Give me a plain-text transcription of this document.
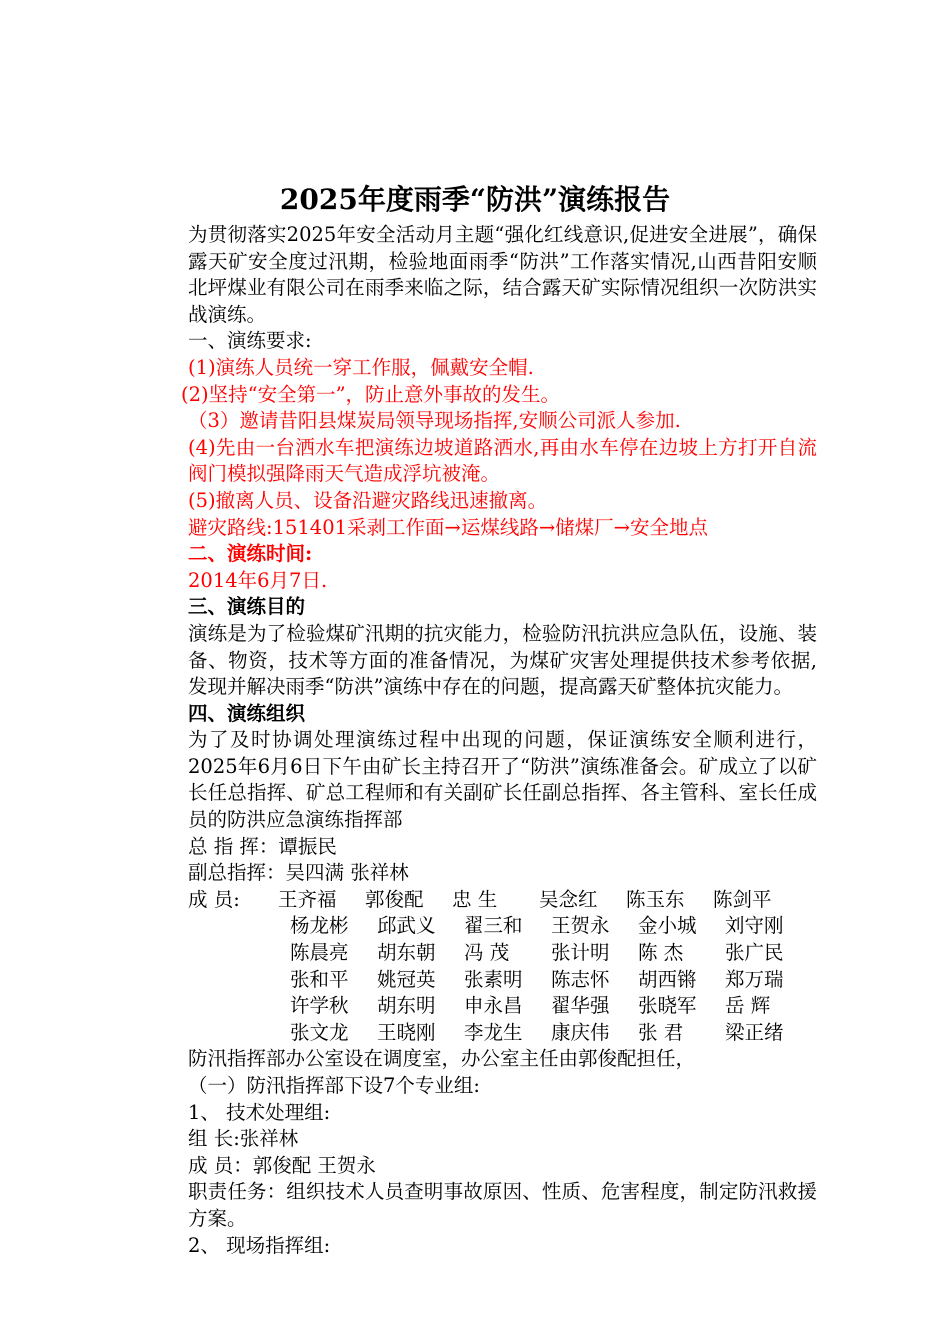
2025年度雨季“防洪”演练报告

为贯彻落实2025年安全活动月主题“强化红线意识,促进安全进展”，确保露天矿安全度过汛期，检验地面雨季“防洪”工作落实情况,山西昔阳安顺北坪煤业有限公司在雨季来临之际，结合露天矿实际情况组织一次防洪实战演练。

一、演练要求:

(1)演练人员统一穿工作服，佩戴安全帽.

(2)坚持“安全第一”，防止意外事故的发生。

（3）邀请昔阳县煤炭局领导现场指挥,安顺公司派人参加.

(4)先由一台洒水车把演练边坡道路洒水,再由水车停在边坡上方打开自流阀门模拟强降雨天气造成浮坑被淹。

(5)撤离人员、设备沿避灾路线迅速撤离。

避灾路线:151401采剥工作面→运煤线路→储煤厂→安全地点

二、演练时间:

2014年6月7日.

三、演练目的

演练是为了检验煤矿汛期的抗灾能力，检验防汛抗洪应急队伍，设施、装备、物资，技术等方面的准备情况，为煤矿灾害处理提供技术参考依据,发现并解决雨季“防洪”演练中存在的问题，提高露天矿整体抗灾能力。

四、演练组织

为了及时协调处理演练过程中出现的问题，保证演练安全顺利进行， 2025年6月6日下午由矿长主持召开了“防洪”演练准备会。矿成立了以矿长任总指挥、矿总工程师和有关副矿长任副总指挥、各主管科、室长任成员的防洪应急演练指挥部

总 指 挥：谭振民

副总指挥：吴四满 张祥林

成 员: 王齐福 郭俊配 忠 生 吴念红 陈玉东 陈剑平

杨龙彬 邱武义 翟三和 王贺永 金小城 刘守刚

陈晨亮 胡东朝 冯 茂 张计明 陈 杰 张广民

张和平 姚冠英 张素明 陈志怀 胡西锵 郑万瑞

许学秋 胡东明 申永昌 翟华强 张晓军 岳 辉

张文龙 王晓刚 李龙生 康庆伟 张 君 梁正绪

防汛指挥部办公室设在调度室，办公室主任由郭俊配担任，

（一）防汛指挥部下设7个专业组:

1、 技术处理组:

组 长:张祥林

成 员：郭俊配 王贺永

职责任务：组织技术人员查明事故原因、性质、危害程度，制定防汛救援方案。

2、 现场指挥组:
